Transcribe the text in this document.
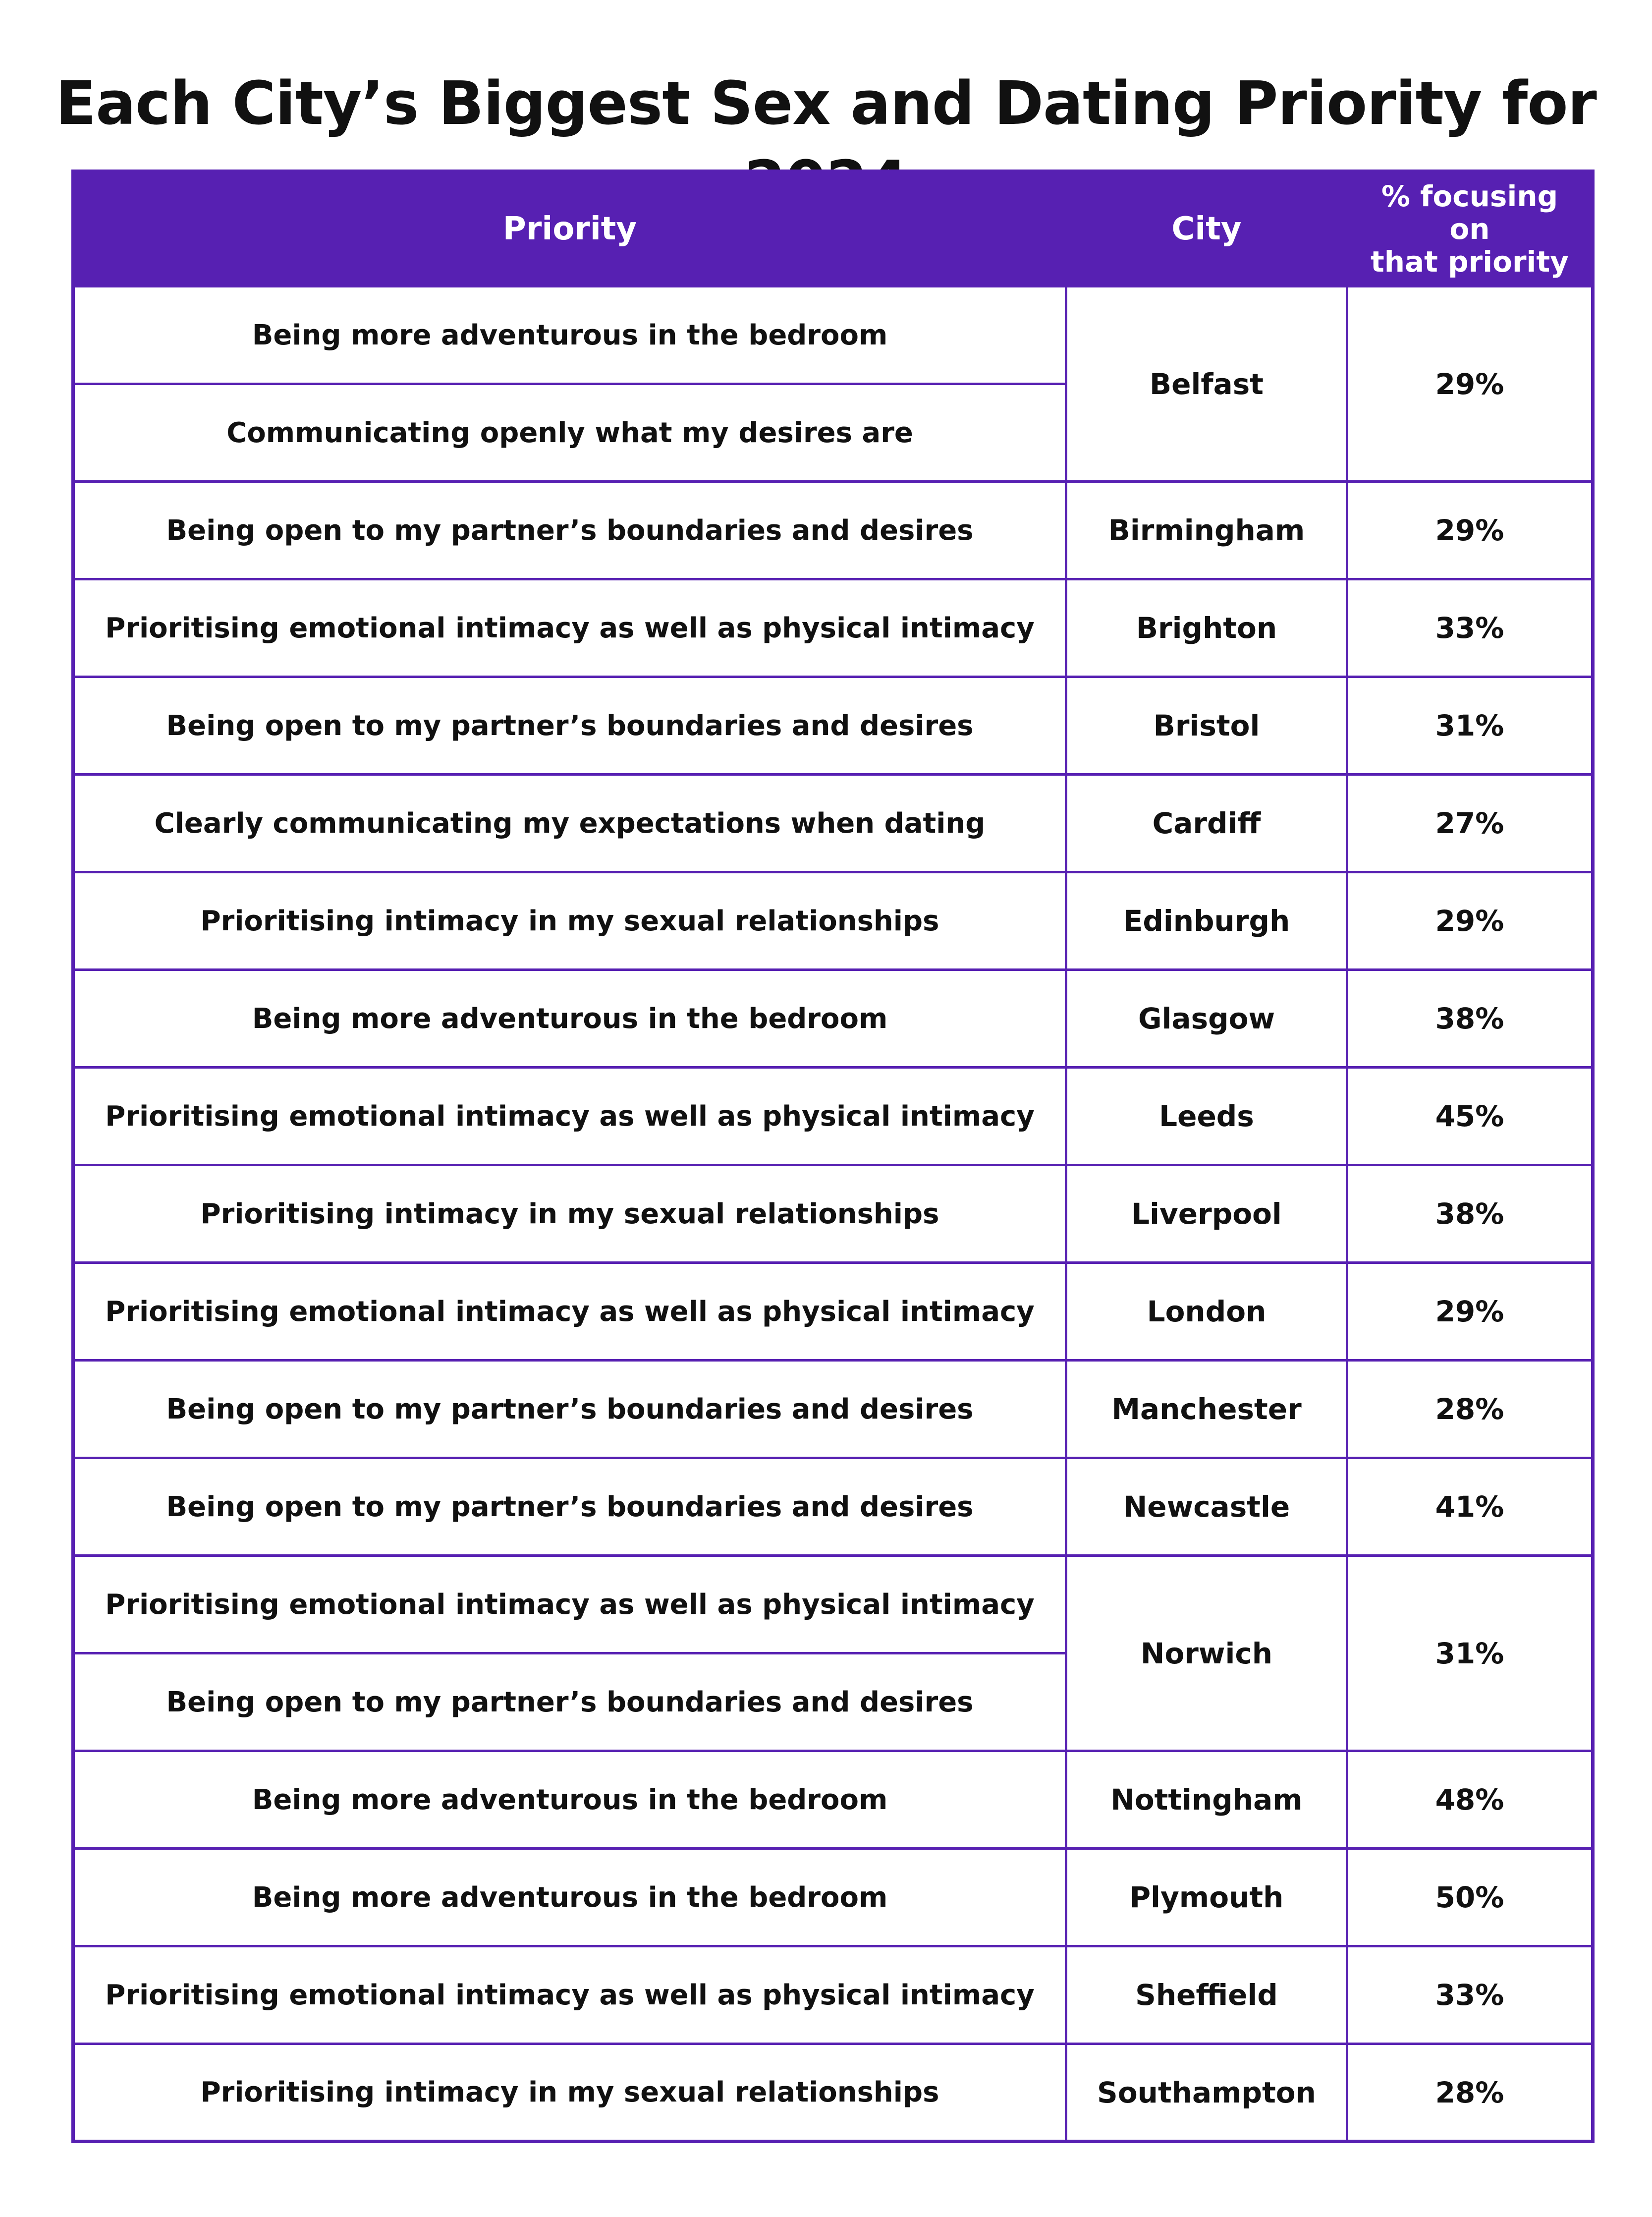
Each City’s Biggest Sex and Dating Priority for
Priority	City	% focusing on
that priority
Being more adventurous in the bedroom	Belfast	29%
Communicating openly what my desires are		
Being open to my partner’s boundaries and desires	Birmingham	29%
Prioritising emotional intimacy as well as physical intimacy	Brighton	33%
Being open to my partner’s boundaries and desires	Bristol	31%
Clearly communicating my expectations when dating	Cardiff	27%
Prioritising intimacy in my sexual relationships	Edinburgh	29%
Being more adventurous in the bedroom	Glasgow	38%
Prioritising emotional intimacy as well as physical intimacy	Leeds	45%
Prioritising intimacy in my sexual relationships	Liverpool	38%
Prioritising emotional intimacy as well as physical intimacy	London	29%
Being open to my partner’s boundaries and desires	Manchester	28%
Being open to my partner’s boundaries and desires	Newcastle	41%
Prioritising emotional intimacy as well as physical intimacy	Norwich	31%
Being open to my partner’s boundaries and desires		
Being more adventurous in the bedroom	Nottingham	48%
Being more adventurous in the bedroom	Plymouth	50%
Prioritising emotional intimacy as well as physical intimacy	Sheffield	33%
Prioritising intimacy in my sexual relationships	Southampton	28%
